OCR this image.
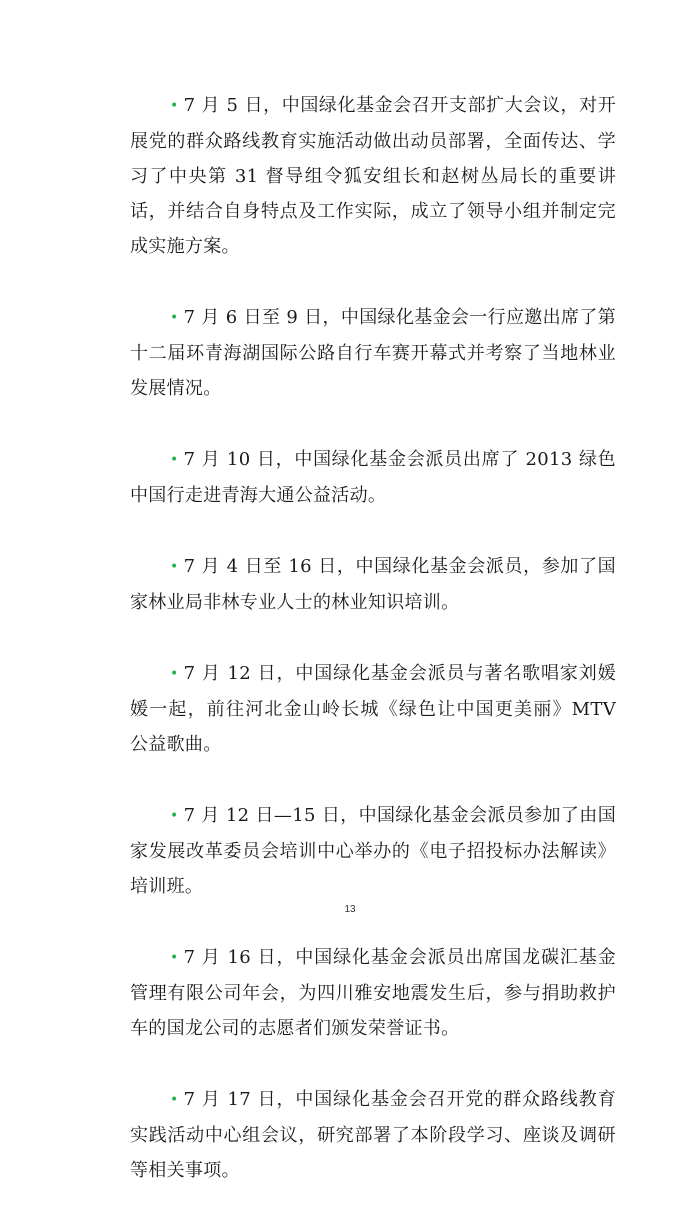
• 7 月 5 日，中国绿化基金会召开支部扩大会议，对开展党的群众路线教育实施活动做出动员部署，全面传达、学习了中央第 31 督导组令狐安组长和赵树丛局长的重要讲话，并结合自身特点及工作实际，成立了领导小组并制定完成实施方案。

• 7 月 6 日至 9 日，中国绿化基金会一行应邀出席了第十二届环青海湖国际公路自行车赛开幕式并考察了当地林业发展情况。

• 7 月 10 日，中国绿化基金会派员出席了 2013 绿色中国行走进青海大通公益活动。

• 7 月 4 日至 16 日，中国绿化基金会派员，参加了国家林业局非林专业人士的林业知识培训。

• 7 月 12 日，中国绿化基金会派员与著名歌唱家刘媛媛一起，前往河北金山岭长城《绿色让中国更美丽》MTV 公益歌曲。

• 7 月 12 日—15 日，中国绿化基金会派员参加了由国家发展改革委员会培训中心举办的《电子招投标办法解读》培训班。

• 7 月 16 日，中国绿化基金会派员出席国龙碳汇基金管理有限公司年会，为四川雅安地震发生后，参与捐助救护车的国龙公司的志愿者们颁发荣誉证书。

• 7 月 17 日，中国绿化基金会召开党的群众路线教育实践活动中心组会议，研究部署了本阶段学习、座谈及调研等相关事项。

13
